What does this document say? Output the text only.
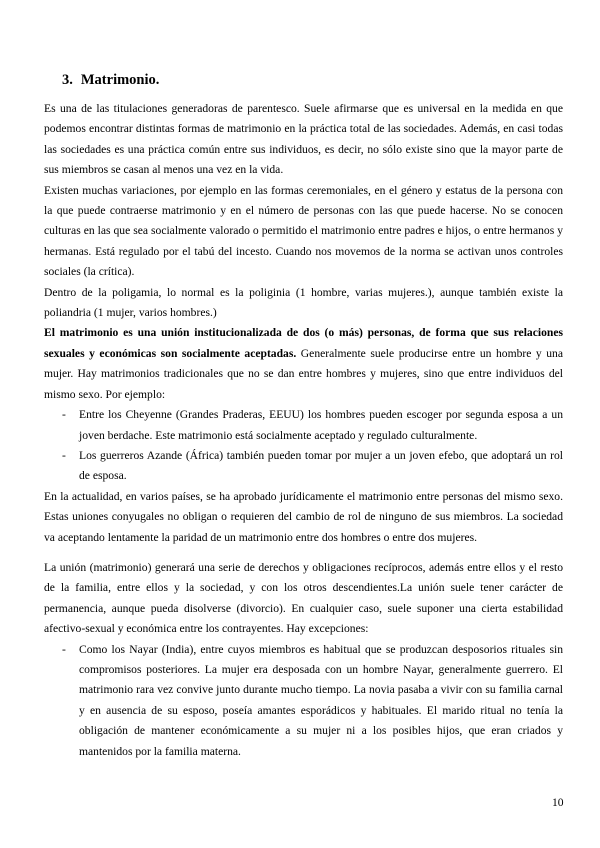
3. Matrimonio.

Es una de las titulaciones generadoras de parentesco. Suele afirmarse que es universal en la medida en que podemos encontrar distintas formas de matrimonio en la práctica total de las sociedades. Además, en casi todas las sociedades es una práctica común entre sus individuos, es decir, no sólo existe sino que la mayor parte de sus miembros se casan al menos una vez en la vida.

Existen muchas variaciones, por ejemplo en las formas ceremoniales, en el género y estatus de la persona con la que puede contraerse matrimonio y en el número de personas con las que puede hacerse. No se conocen culturas en las que sea socialmente valorado o permitido el matrimonio entre padres e hijos, o entre hermanos y hermanas. Está regulado por el tabú del incesto. Cuando nos movemos de la norma se activan unos controles sociales (la crítica).

Dentro de la poligamia, lo normal es la poliginia (1 hombre, varias mujeres.), aunque también existe la poliandria (1 mujer, varios hombres.)

El matrimonio es una unión institucionalizada de dos (o más) personas, de forma que sus relaciones sexuales y económicas son socialmente aceptadas. Generalmente suele producirse entre un hombre y una mujer. Hay matrimonios tradicionales que no se dan entre hombres y mujeres, sino que entre individuos del mismo sexo. Por ejemplo:

- Entre los Cheyenne (Grandes Praderas, EEUU) los hombres pueden escoger por segunda esposa a un joven berdache. Este matrimonio está socialmente aceptado y regulado culturalmente.
- Los guerreros Azande (África) también pueden tomar por mujer a un joven efebo, que adoptará un rol de esposa.

En la actualidad, en varios países, se ha aprobado jurídicamente el matrimonio entre personas del mismo sexo. Estas uniones conyugales no obligan o requieren del cambio de rol de ninguno de sus miembros. La sociedad va aceptando lentamente la paridad de un matrimonio entre dos hombres o entre dos mujeres.

La unión (matrimonio) generará una serie de derechos y obligaciones recíprocos, además entre ellos y el resto de la familia, entre ellos y la sociedad, y con los otros descendientes.La unión suele tener carácter de permanencia, aunque pueda disolverse (divorcio). En cualquier caso, suele suponer una cierta estabilidad afectivo-sexual y económica entre los contrayentes. Hay excepciones:

- Como los Nayar (India), entre cuyos miembros es habitual que se produzcan desposorios rituales sin compromisos posteriores. La mujer era desposada con un hombre Nayar, generalmente guerrero. El matrimonio rara vez convive junto durante mucho tiempo. La novia pasaba a vivir con su familia carnal y en ausencia de su esposo, poseía amantes esporádicos y habituales. El marido ritual no tenía la obligación de mantener económicamente a su mujer ni a los posibles hijos, que eran criados y mantenidos por la familia materna.
10
